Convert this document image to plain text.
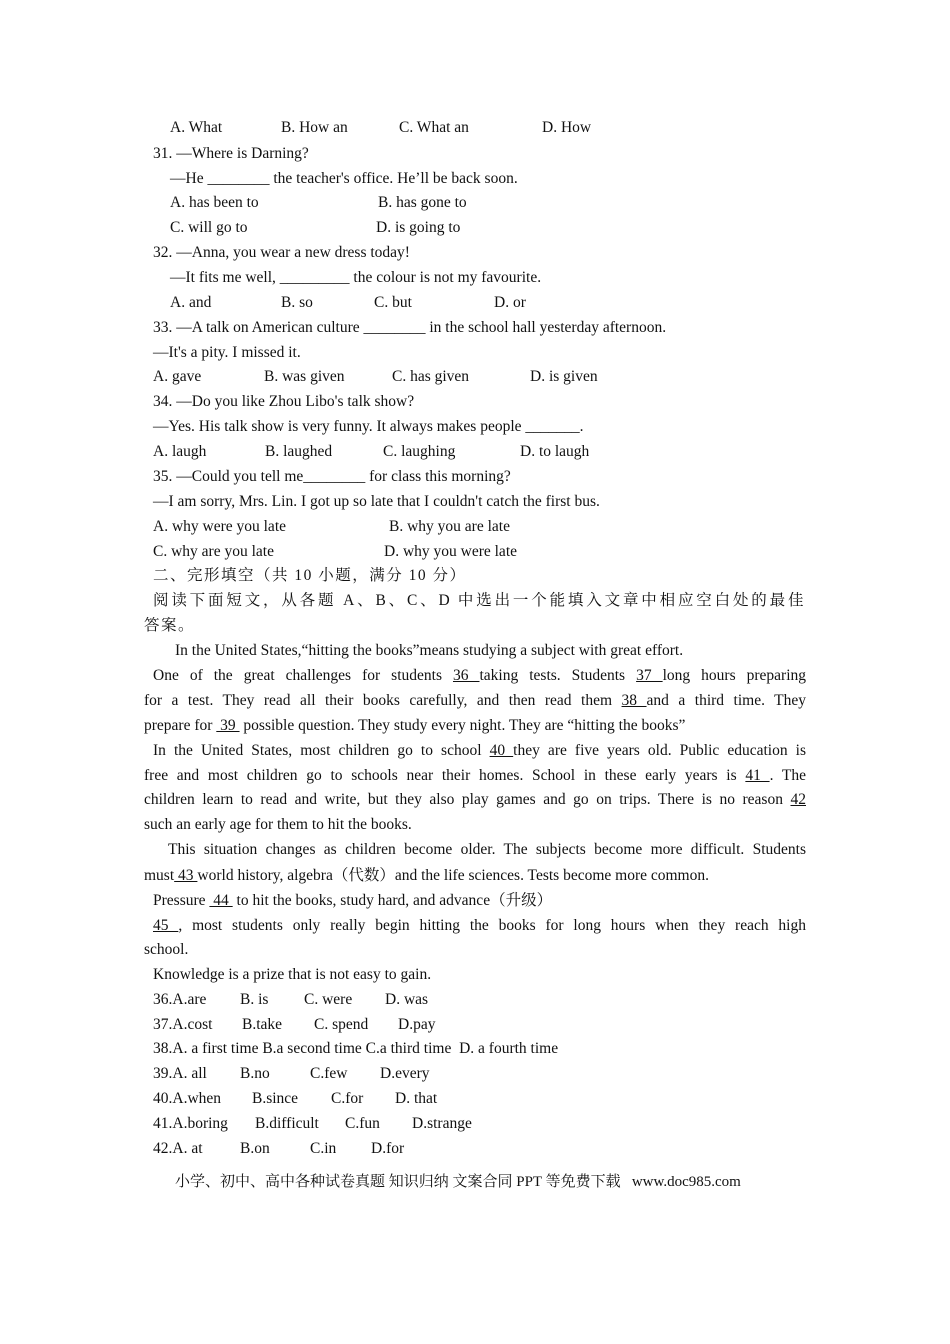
A. What	B. How an	C. What an	D. How
31. —Where is Darning?
—He ________ the teacher's office. He’ll be back soon.
A. has been to	B. has gone to
C. will go to	D. is going to
32. —Anna, you wear a new dress today!
—It fits me well, _________ the colour is not my favourite.
A. and	B. so	C. but	D. or
33. —A talk on American culture ________ in the school hall yesterday afternoon.
—It's a pity. I missed it.
A. gave	B. was given	C. has given	D. is given
34. —Do you like Zhou Libo's talk show?
—Yes. His talk show is very funny. It always makes people _______.
A. laugh	B. laughed	C. laughing	D. to laugh
35. —Could you tell me________ for class this morning?
—I am sorry, Mrs. Lin. I got up so late that I couldn't catch the first bus.
A. why were you late	B. why you are late
C. why are you late	D. why you were late
二、完形填空（共 10 小题，满分 10 分）
阅读下面短文，从各题 A、B、C、D 中选出一个能填入文章中相应空白处的最佳
答案。
In the United States,“hitting the books”means studying a subject with great effort.
One of the great challenges for students 36 taking tests. Students 37 long hours preparing
for a test. They read all their books carefully, and then read them 38 and a third time. They
prepare for  39  possible question. They study every night. They are “hitting the books”
In the United States, most children go to school 40 they are five years old. Public education is
free and most children go to schools near their homes. School in these early years is 41 . The
children learn to read and write, but they also play games and go on trips. There is no reason 42
such an early age for them to hit the books.
This situation changes as children become older. The subjects become more difficult. Students
must 43 world history, algebra（代数）and the life sciences. Tests become more common.
Pressure  44  to hit the books, study hard, and advance（升级）
45 , most students only really begin hitting the books for long hours when they reach high
school.
Knowledge is a prize that is not easy to gain.
36.A.are B. is C. were D. was
37.A.cost B.take C. spend D.pay
38.A. a first time B.a second time C.a third time D. a fourth time
39.A. all B.no	C.few D.every
40.A.when B.since C.for D. that
41.A.boring B.difficult C.fun D.strange
42.A. at B.on	C.in D.for
小学、初中、高中各种试卷真题 知识归纳 文案合同 PPT 等免费下载   www.doc985.com
